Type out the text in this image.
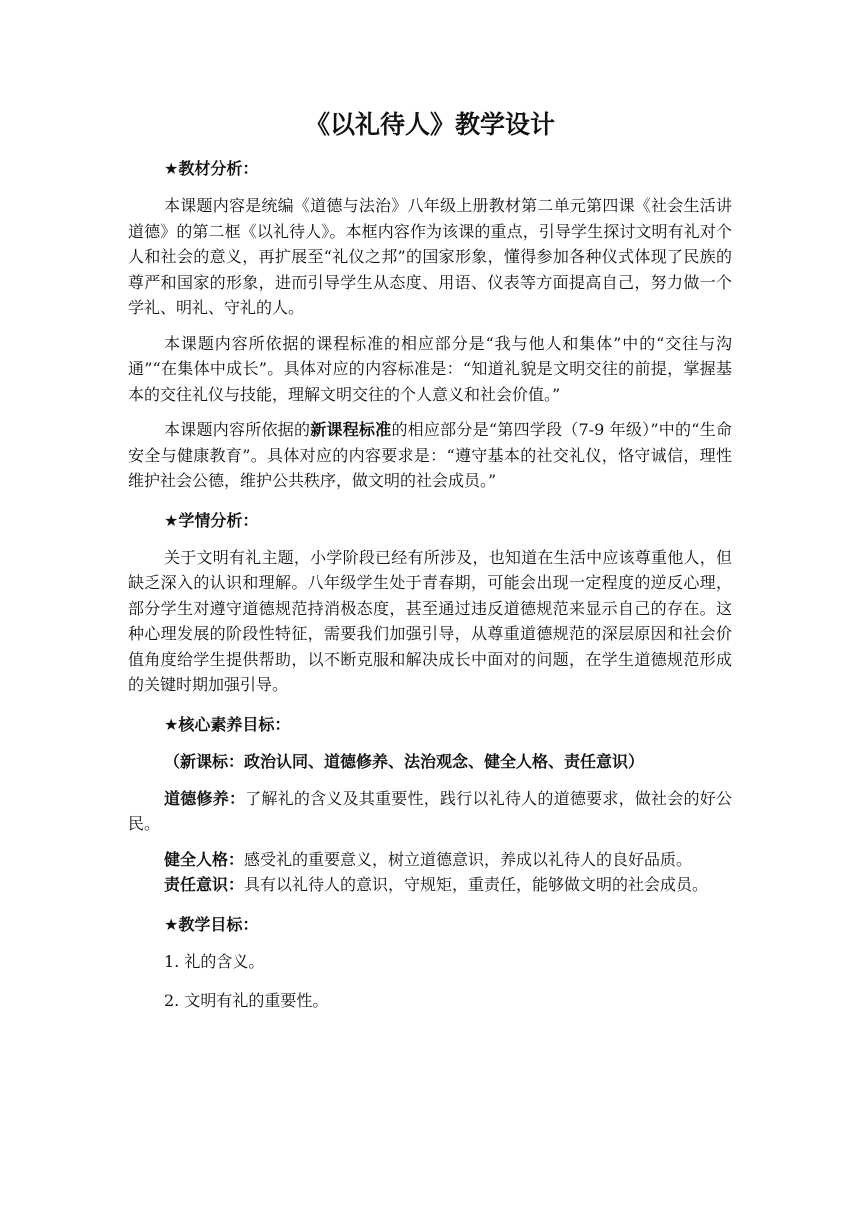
《以礼待人》教学设计
★教材分析：

本课题内容是统编《道德与法治》八年级上册教材第二单元第四课《社会生活讲道德》的第二框《以礼待人》。本框内容作为该课的重点，引导学生探讨文明有礼对个人和社会的意义，再扩展至“礼仪之邦”的国家形象，懂得参加各种仪式体现了民族的尊严和国家的形象，进而引导学生从态度、用语、仪表等方面提高自己，努力做一个学礼、明礼、守礼的人。

本课题内容所依据的课程标准的相应部分是“我与他人和集体”中的“交往与沟通”“在集体中成长”。具体对应的内容标准是：“知道礼貌是文明交往的前提，掌握基本的交往礼仪与技能，理解文明交往的个人意义和社会价值。”

本课题内容所依据的新课程标准的相应部分是“第四学段（7-9 年级）”中的“生命安全与健康教育”。具体对应的内容要求是：“遵守基本的社交礼仪，恪守诚信，理性维护社会公德，维护公共秩序，做文明的社会成员。”

★学情分析：

关于文明有礼主题，小学阶段已经有所涉及，也知道在生活中应该尊重他人，但缺乏深入的认识和理解。八年级学生处于青春期，可能会出现一定程度的逆反心理，部分学生对遵守道德规范持消极态度，甚至通过违反道德规范来显示自己的存在。这种心理发展的阶段性特征，需要我们加强引导，从尊重道德规范的深层原因和社会价值角度给学生提供帮助，以不断克服和解决成长中面对的问题，在学生道德规范形成的关键时期加强引导。

★核心素养目标：
（新课标：政治认同、道德修养、法治观念、健全人格、责任意识）

道德修养：了解礼的含义及其重要性，践行以礼待人的道德要求，做社会的好公民。

健全人格：感受礼的重要意义，树立道德意识，养成以礼待人的良好品质。

责任意识：具有以礼待人的意识，守规矩，重责任，能够做文明的社会成员。

★教学目标：
1. 礼的含义。
2. 文明有礼的重要性。
